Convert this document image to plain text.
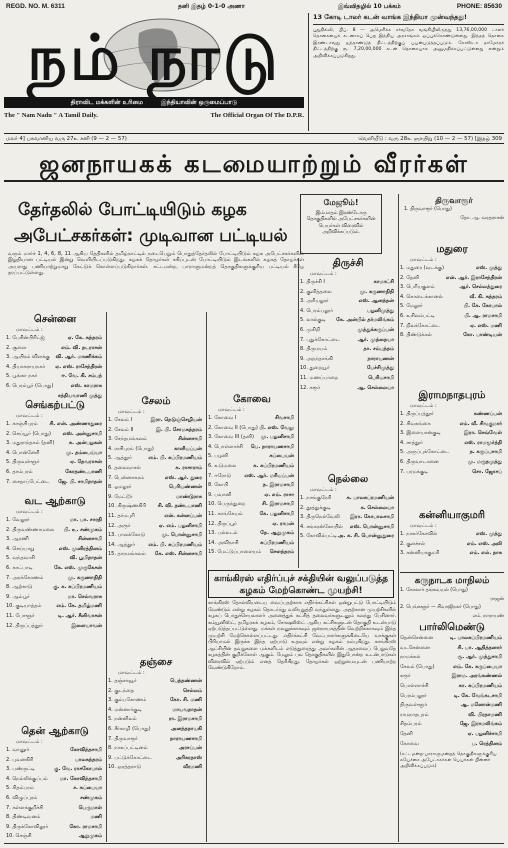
REGD. NO. M. 6311	தனி இதழ் 0-1-0 அணா	இவ்விதழில் 10 பக்கம்	PHONE: 85630
நம் நாடு
திராவிட மக்களின் உரிமை	இந்தியாவின் ஒருமைப்பாடு
The " Nam Nadu " A Tamil Daily.	The Official Organ Of The D.P.R.
13 கோடி டாலர் கடன் வாங்க இந்தியா முன்வந்தது!
புதுதில்லி, பிப். 8 — அமெரிக்க சர்வதேச வங்கியிலிருந்து 13,76,00,000 டாலர் தொகையைக் கடனாகப் பெற இந்திய அரசாங்கம் ஒப்புக்கொண்டுள்ளது. இந்தத் தொகை இரண்டாவது ஐந்தாண்டுத் திட்டத்திற்குப் பயன்படுத்தப்படும். கோஸ்டா தாமோதர் திட்டத்திற்கு ரூ. 7,20,00,000 கடன் தொகையாக அனுமதிக்கப்பட்டுள்ளது என்றும் அறிவிக்கப்படுகிறது.
மலர் 4] பகவானிய வரு 27உ சனி (9 — 2 — 57)	வெளியீடு : வரு 28உ ஞாயிறு (10 — 2 — 57) [இதழ் 309
ஜனநாயகக் கடமையாற்றும் வீரர்கள்
தேர்தலில் போட்டியிடும் கழக
அபேட்சகர்கள்: முடிவான பட்டியல்
வரும் மார்ச் 1, 4, 6, 8, 11 ஆகிய தேதிகளில் தமிழ்நாட்டில் நடைபெறும் பொதுத்தேர்தலில் போட்டியிடும் கழக அபேட்சகர்களின் இறுதியான பட்டியல் இன்று வெளியிடப்படுகிறது. கழகக் தோழர்கள் சகிப்புடன் போட்டியிடும் இடங்களில் கழகத் தோழர்கள் அயராது பணியாற்றுமாறு கேட்டுக் கொள்ளப்படுகிறார்கள். சட்டமன்ற, பாராளுமன்றத் தொகுதிகளுக்குரிய பட்டியல் கீழே தரப்பட்டுள்ளது.
மேஜூம்!
இம்மாதம் இரண்டோரு தொகுதிகளில் அபேட்சகர்களின் பெயர்கள் விரைவில் அறிவிக்கப்படும்.
சென்னை
மாவட்டம் :
1. பேசின்பிரிட்ஜ்	ஏ. கே. சுந்தரம்
2. சூளை	எம். வி. நடராசன்
3. ஆயிரம் விளக்கு	வி. ஆர். மாணிக்கம்
4. தியாகராயநகர்	ஏ. எஸ். ராசேந்திரன்
5. பூங்கா நகர்	ஈ. வே. கி. சம்பத்
6. பெரம்பூர் (பொது)	எஸ். காமராசு
சத்தியவாணி முத்து
செங்கற்பட்டு
மாவட்டம் :
1. காஞ்சிபுரம்	சி. என். அண்ணாதுரை
2. செய்யூர் (பொது)	எஸ். அன்னுசாமி
3. மதுராந்தகம் (தனி)	சு. அன்பழகன்
4. பொன்னேரி	மு. தம்பைய்யா
5. திருவள்ளூர்	ஏ. தேவராசன்
6. தாம்பரம்	கோதண்டபாணி
7. சைதாப்பேட்டை	ஜே. பி. சாமிநாதன்
வட ஆற்காடு
மாவட்டம் :
1. வேலூர்	மா. பா. சாரதி
2. திருவண்ணாமலை பி. உ. சண்முகம்
3. ஆரணி	சின்னசாமி
4. செய்யாறு	எஸ். முனிரத்தினம்
5. வந்தவாசி	வி. பூமிநாதன்
6. காட்பாடி	கே. எஸ். முருகேசன்
7. அரக்கோணம்	மு. கருணாநிதி
8. ஆற்காடு	கு. க. சுப்பிரமணியம்
9. ஆம்பூர்	மா. செல்வராசு
10. குடியாத்தம்	எம். கே. தமிழ்மணி
11. போளூர்	டி. ஆர். சீனிவாசன்
12. திருப்பத்தூர்	இளையாவன்
தென் ஆற்காடு
மாவட்டம் :
1. வானூர்	கோவிந்தசாமி
2. புவனகிரி	பாலசுந்தரம்
3. பண்ருட்டி	கு. வே. ராசகோபால்
4. நெல்லிக்குப்பம்	மா. கோவிந்தசாமி
5. சிதம்பரம்	ச. சுப்பையா
6. விழுப்புரம்	சண்முகம்
7. கள்ளக்குறிச்சி	பெருமாள்
8. திண்டிவனம்	மணி
9. திருக்கோவிலூர்	கோ. ராமசாமி
10. செஞ்சி	ஆறுமுகம்
சேலம்
மாவட்டம் :
1. சேலம் I	இரா. நெடுஞ்செழியன்
2. சேலம் II	இ. பி. சோமசுந்தரம்
3. சேந்தமங்கலம்	சின்னசாமி
4. ராசிபுரம் (பொது)	காளியப்பன்
5. ஆத்தூர்	எம். பி. சுப்பிரமணியம்
6. தலைவாசல்	க. ராசாராம்
7. பென்னாகரம்	எஸ். ஆர். துரை
8. ஓமலூர்	பெரியண்ணன்
9. மேட்டூர்	மாண்டுராசு
10. கிருஷ்ணகிரி	சி. வி. தண்டபாணி
11. தர்மபுரி	என். கன்னப்பன்
12. அரூர்	ஏ. எம். பழனிசாமி
13. பாலக்கோடு	மு. பொன்னுசாமி
14. ஆத்தூர்	எம். பி. சுப்பிரமணியம்
15. தாரமங்கலம்	கே. எஸ். சின்னசாமி
தஞ்சை
மாவட்டம் :
1. தஞ்சாவூர்	பெத்தண்ணன்
2. குடந்தை	செல்லம்
3. கும்பகோணம்	கோ. சி. மணி
4. மன்னார்குடி	மாயவநாதன்
5. நன்னிலம்	ரா. இராமசாமி
6. சீர்காழி (பொது)	அனந்தநாயகி
7. திருவாரூர்	நாராயணசாமி
8. நாகப்பட்டினம்	அரசப்பன்
9. பட்டுக்கோட்டை	அரிகரதாஸ்
10. ஒரத்தநாடு	வீரமணி
கோவை
மாவட்டம் :
1. கோவை I	சிவசாமி
2. கோவை II (பொது) பி. எஸ். வேலு
3. கோவை III (தனி) மு. பழனிசாமி
4. பொள்ளாச்சி	பெ. நாராயணசாமி
5. பழனி	சுப்பையன்
6. உடுமலை	க. சுப்பிரமணியம்
7. ஈரோடு	எஸ். ஆர். மரியப்பன்
8. கோபி	ந. இராமசாமி
9. பவானி	ஏ. எம். ராசா
10. பெருந்துறை	சி. இராமசாமி
11. காங்கேயம்	கே. பழனிசாமி
12. திருப்பூர்	ஏ. ராமன்
13. பல்லடம்	தே. ஆறுமுகம்
14. அவிநாசி	சுப்பிரமணியம்
15. மேட்டுப்பாளையம் சௌந்தரம்
திருச்சி
மாவட்டம் :
1. திருச்சி I	காமாட்சி
2. குளித்தலை	மு. கருணாநிதி
3. அரியலூர்	எஸ். ஆனந்தன்
4. பெரம்பலூர்	பழனிமுத்து
5. லால்குடி	கே. அன்பில் தர்மலிங்கம்
6. முசிறி	முத்துக்கருப்பன்
7. புதுக்கோட்டை	ஆர். முத்தையா
8. திருமயம்	தா. சம்பந்தம்
9. அறந்தாங்கி	நாராயணன்
10. துறையூர்	பேச்சிமுத்து
11. மணப்பாறை	பெரியசாமி
12. கரூர்	ஆ. செல்லையா
நெல்லை
மாவட்டம் :
1. நாங்குநேரி	சு. பாலசுப்ரமணியன்
2. தூத்துக்குடி	க. செல்லையா
3. திருநெல்வேலி	இரா. கோபாலசாமி
4. சங்கரன்கோயில்	எஸ். பொன்னுசாமி
5. கோவில்பட்டி அ. க. சி. பொன்னுதுரை
மதுரை
மாவட்டம் :
1. மதுரை (வடக்கு)	எஸ். முத்து
2. தேனி	என். ஆர். இராசேந்திரன்
3. பெரியகுளம்	ஆர். செல்லத்துரை
4. கொடைக்கானல்	வீ. கி. சுந்தரம்
5. மேலூர்	பி. கே. கோபால்
6. உசிலம்பட்டி	பி. ஆ. ராமசாமி
7. நிலக்கோட்டை	ஏ. எஸ். மணி
8. திண்டுக்கல்	கோ. பாண்டியன்
இராமநாதபுரம்
மாவட்டம் :
1. திருப்பத்தூர்	கண்ணப்பன்
2. சிவகங்கை	எம். வீ. சிவகுமார்
3. இளையான்குடி	இரா. செவ்வேள்
4. சாத்தூர்	எஸ். ராமமூர்த்தி
5. அருப்புக்கோட்டை	ந. கருப்பசாமி
6. திருவாடானை	மு. மருதமுத்து
7. பரமக்குடி	சொ. ஜோசப்
கன்னியாகுமரி
மாவட்டம் :
1. நாகர்கோவில்	எஸ். முத்து
2. குளச்சல்	எம். எஸ். அலி
3. கன்னியாகுமரி	எம். எல். தாசு
திருவாரூர்
1. திருவாரூர் (பொது)
தோ. ஆ. வரதராசன்
காங்கிரஸ் எதிர்ப்புச் சக்தியின் வலுப்படுத்த கழகம் மேற்கொண்ட முயற்சி!
காங்கிரஸ் தோல்வியடைய வைப்பதற்காக எதிர்க்கட்சிகள் ஒன்றுபட்டு போட்டியிடும் வேண்டும் என்று கழகம் தொடர்ந்து வலியுறுத்தி வந்துள்ளது. அதற்கான முயற்சிகளில் கழகப் பொதுச்செயலாளர் அனைத்துக் கட்சித் தலைவர்களுடனும் கலந்து பேசினார். கம்யூனிஸ்ட், தமிழரசுக் கழகம், சோஷலிஸ்ட் ஆகிய கட்சிகளுடன் தொகுதி உடன்பாடு ஏற்படுத்தப்பட்டுள்ளது. மக்கள் நலனுக்காகவும் ஜனநாயகத்தின் வெற்றிக்காகவும் இந்த முயற்சி மேற்கொள்ளப்பட்டது. எதிர்க்கட்சி வேட்பாளர்களுக்கிடையே வாக்குகள் பிரியாமல் இருக்க இந்த ஏற்பாடு உதவும் என்று கழகம் நம்புகிறது. காங்கிரஸ் ஆட்சியின் தவறுகளை மக்களிடம் எடுத்துரைத்து அவர்களின் ஆதரவைப் பெறுவதே கழகத்தின் குறிக்கோள் ஆகும். மேலும் பல தொகுதிகளில் இதுபோன்ற உடன்பாடுகள் விரைவில் ஏற்படும் எனத் தெரிகிறது. தோழர்கள் ஒற்றுமையுடன் பணியாற்ற வேண்டுகிறோம்.
கருநாடக மாநிலம்
1. கோலார் தங்கவயல் (பொது)
ராஜன்
2. பெங்களூர் — சிவாஜிநகர் (பொது)
எம். நாராயண்
பார்லிமெண்டு
தென்சென்னை	டி. பாலசுப்பிரமணியம்
வடசென்னை	சி. பா. ஆதித்தனார்
நாமக்கல்	சூ. ஆர். முத்துசாமி
சேலம் (பொது)	எம். கே. கருப்பையா
கரூர்	இராம. அரங்கண்ணல்
பொள்ளாச்சி	கா. சுப்பிரமணியம்
பெரம்பலூர்	டி. கே. வேங்கடசாமி
திருவள்ளூர்	ஆ. மனோன்மணி
ராமநாதபுரம்	வி. பிரதாமணி
சிதம்பரம்	ஜே. இராமலிங்கம்
தேனி	ஏ. பழனிச்சாமி
கோவை	ப. ரெத்தினம்
(சட்டமன்ற-பாராளுமன்றத் தொகுதிகளுக்குரிய சுயேச்சை அபேட்சகர்கள் பெயர்கள் பின்னர் அறிவிக்கப்படும்)
